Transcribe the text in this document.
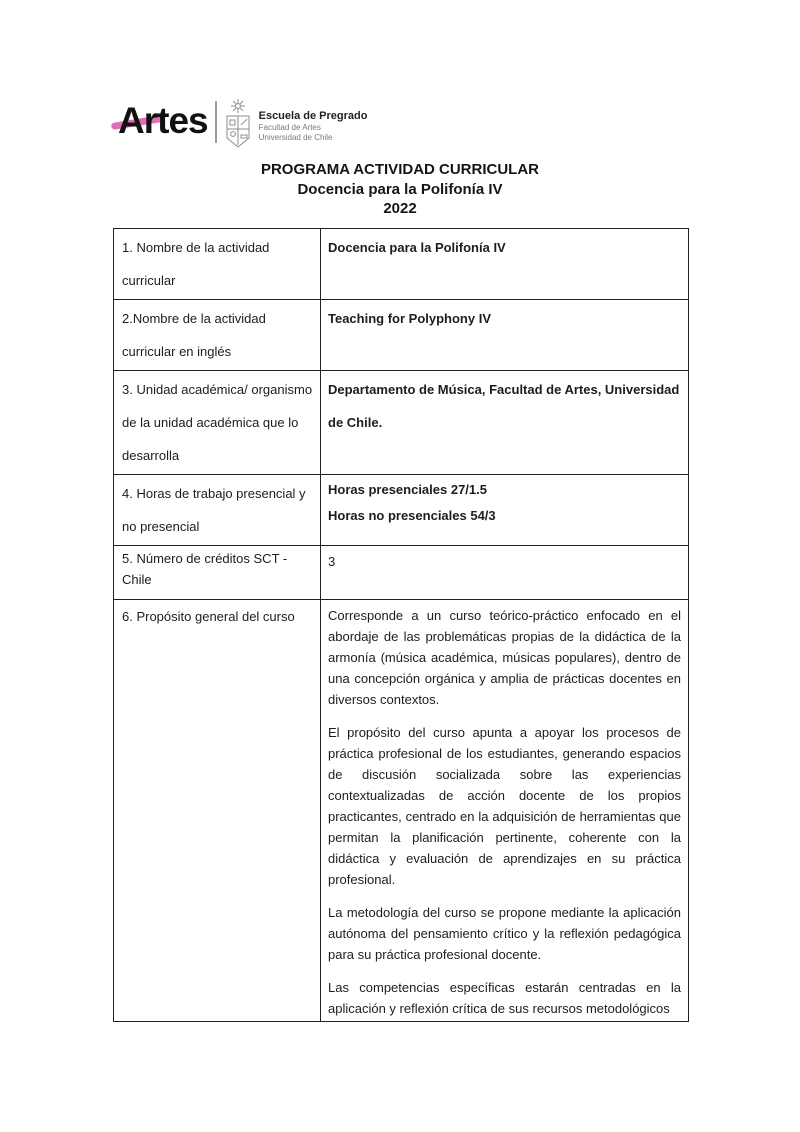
Artes	Escuela de Pregrado
Facultad de Artes
Universidad de Chile
PROGRAMA ACTIVIDAD CURRICULAR
Docencia para la Polifonía IV
2022
1. Nombre de la actividad curricular	Docencia para la Polifonía IV

2.Nombre de la actividad curricular en inglés	Teaching for Polyphony IV

3. Unidad académica/ organismo de la unidad académica que lo desarrolla	Departamento de Música, Facultad de Artes, Universidad de Chile.

4. Horas de trabajo presencial y no presencial	Horas presenciales 27/1.5

Horas no presenciales 54/3

5. Número de créditos SCT - Chile	3

6. Propósito general del curso	Corresponde a un curso teórico-práctico enfocado en el abordaje de las problemáticas propias de la didáctica de la armonía (música académica, músicas populares), dentro de una concepción orgánica y amplia de prácticas docentes en diversos contextos.

El propósito del curso apunta a apoyar los procesos de práctica profesional de los estudiantes, generando espacios de discusión socializada sobre las experiencias contextualizadas de acción docente de los propios practicantes, centrado en la adquisición de herramientas que permitan la planificación pertinente, coherente con la didáctica y evaluación de aprendizajes en su práctica profesional.

La metodología del curso se propone mediante la aplicación autónoma del pensamiento crítico y la reflexión pedagógica para su práctica profesional docente.

Las competencias específicas estarán centradas en la aplicación y reflexión crítica de sus recursos metodológicos
